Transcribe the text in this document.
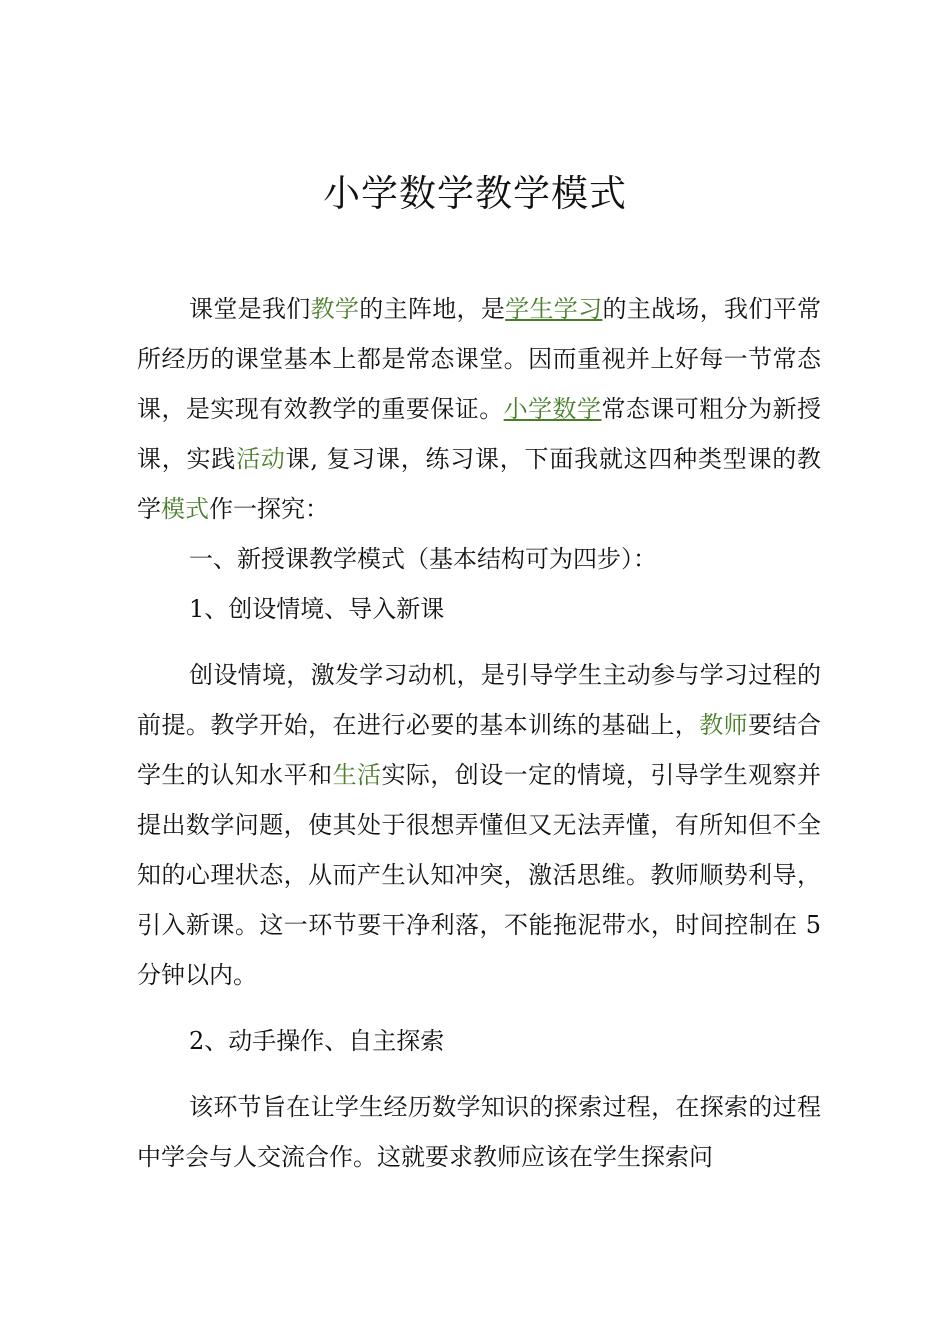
小学数学教学模式

课堂是我们教学的主阵地，是学生学习的主战场，我们平常所经历的课堂基本上都是常态课堂。因而重视并上好每一节常态课，是实现有效教学的重要保证。小学数学常态课可粗分为新授课，实践活动课, 复习课，练习课，下面我就这四种类型课的教学模式作一探究：

一、新授课教学模式（基本结构可为四步）：

1、创设情境、导入新课

创设情境，激发学习动机，是引导学生主动参与学习过程的前提。教学开始，在进行必要的基本训练的基础上，教师要结合学生的认知水平和生活实际，创设一定的情境，引导学生观察并提出数学问题，使其处于很想弄懂但又无法弄懂，有所知但不全知的心理状态，从而产生认知冲突，激活思维。教师顺势利导，引入新课。这一环节要干净利落，不能拖泥带水，时间控制在 5 分钟以内。

2、动手操作、自主探索

该环节旨在让学生经历数学知识的探索过程，在探索的过程中学会与人交流合作。这就要求教师应该在学生探索问
